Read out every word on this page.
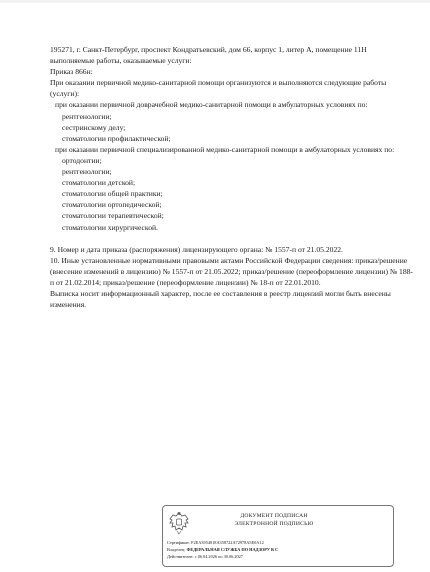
195271, г. Санкт-Петербург, проспект Кондратьевский, дом 66, корпус 1, литер А, помещение 11Н

выполняемые работы, оказываемые услуги:

Приказ 866н:

При оказании первичной медико-санитарной помощи организуются и выполняются следующие работы (услуги):

при оказании первичной доврачебной медико-санитарной помощи в амбулаторных условиях по:

рентгенологии;

сестринскому делу;

стоматологии профилактической;

при оказании первичной специализированной медико-санитарной помощи в амбулаторных условиях по:

ортодонтии;

рентгенологии;

стоматологии детской;

стоматологии общей практики;

стоматологии ортопедической;

стоматологии терапевтической;

стоматологии хирургической.

9. Номер и дата приказа (распоряжения) лицензирующего органа: № 1557-п от 21.05.2022.

10. Иные установленные нормативными правовыми актами Российской Федерации сведения: приказ/решение (внесение изменений в лицензию) № 1557-п от 21.05.2022; приказ/решение (переоформление лицензии) № 188-п от 21.02.2014; приказ/решение (переоформление лицензии) № 18-п от 22.01.2010.

Выписка носит информационный характер, после ее составления в реестр лицензий могли быть внесены изменения.

ДОКУМЕНТ ПОДПИСАН
ЭЛЕКТРОННОЙ ПОДПИСЬЮ
Сертификат: F2EA3954818A358722A72978A5E0A12
Владелец: ФЕДЕРАЛЬНАЯ СЛУЖБА ПО НАДЗОРУ В С
Действителен: с 06.04.2026 по 30.06.2027
